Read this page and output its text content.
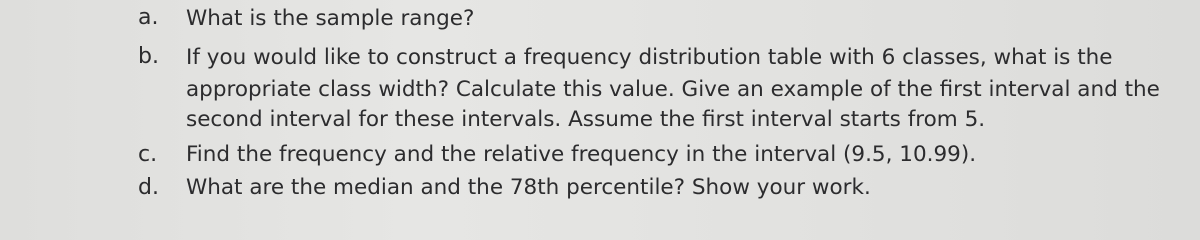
a. What is the sample range?
b. If you would like to construct a frequency distribution table with 6 classes, what is the
appropriate class width? Calculate this value. Give an example of the first interval and the
second interval for these intervals. Assume the first interval starts from 5.
c. Find the frequency and the relative frequency in the interval (9.5, 10.99).
d. What are the median and the 78th percentile? Show your work.
